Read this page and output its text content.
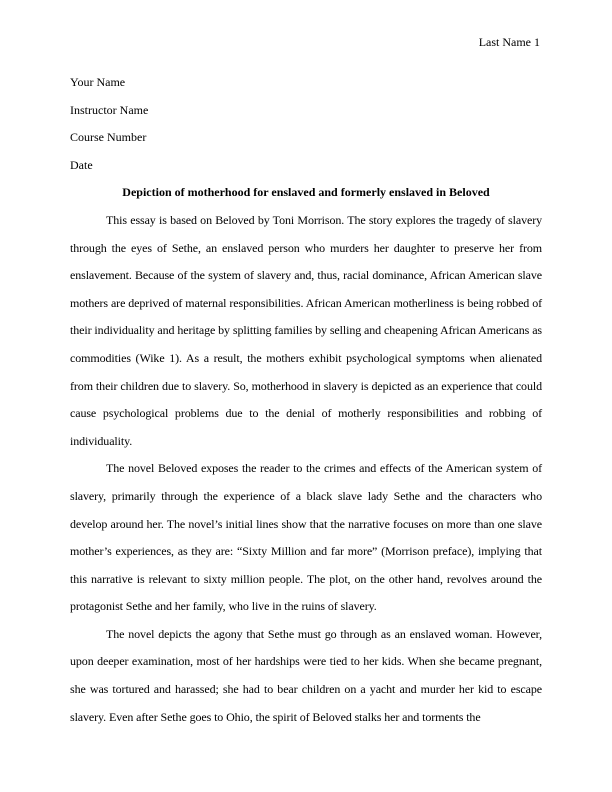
Last Name 1

Your Name

Instructor Name

Course Number

Date

Depiction of motherhood for enslaved and formerly enslaved in Beloved

This essay is based on Beloved by Toni Morrison. The story explores the tragedy of slavery through the eyes of Sethe, an enslaved person who murders her daughter to preserve her from enslavement. Because of the system of slavery and, thus, racial dominance, African American slave mothers are deprived of maternal responsibilities. African American motherliness is being robbed of their individuality and heritage by splitting families by selling and cheapening African Americans as commodities (Wike 1). As a result, the mothers exhibit psychological symptoms when alienated from their children due to slavery. So, motherhood in slavery is depicted as an experience that could cause psychological problems due to the denial of motherly responsibilities and robbing of individuality.

The novel Beloved exposes the reader to the crimes and effects of the American system of slavery, primarily through the experience of a black slave lady Sethe and the characters who develop around her. The novel’s initial lines show that the narrative focuses on more than one slave mother’s experiences, as they are: “Sixty Million and far more” (Morrison preface), implying that this narrative is relevant to sixty million people. The plot, on the other hand, revolves around the protagonist Sethe and her family, who live in the ruins of slavery.

The novel depicts the agony that Sethe must go through as an enslaved woman. However, upon deeper examination, most of her hardships were tied to her kids. When she became pregnant, she was tortured and harassed; she had to bear children on a yacht and murder her kid to escape slavery. Even after Sethe goes to Ohio, the spirit of Beloved stalks her and torments the
